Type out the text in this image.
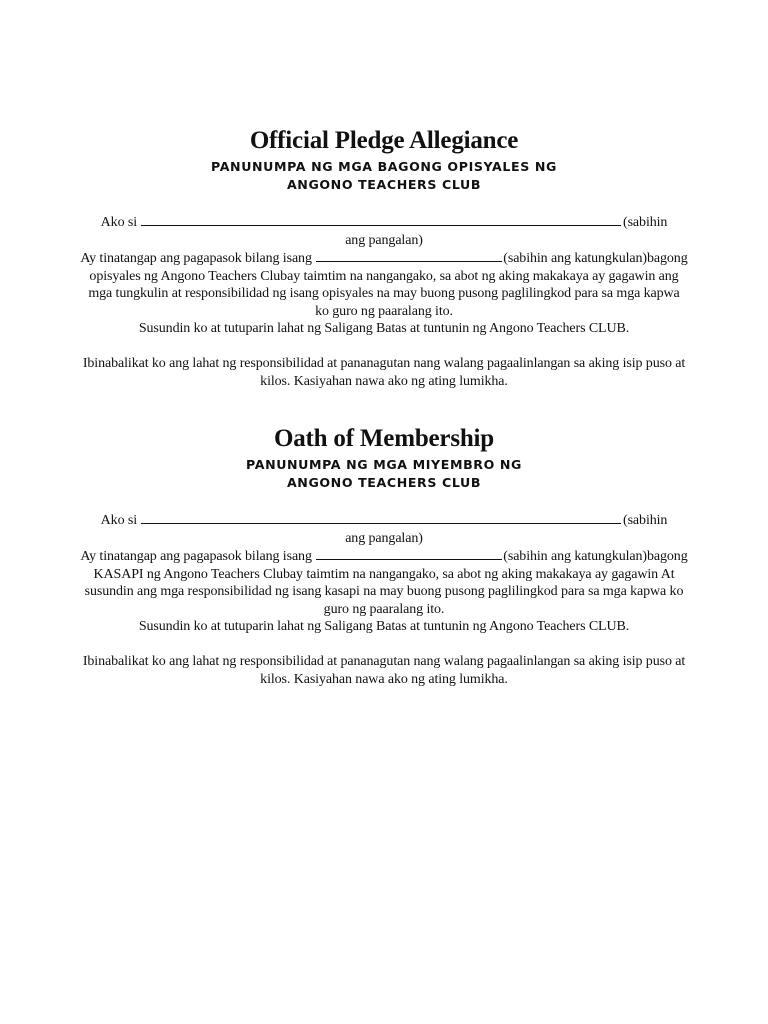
Official Pledge Allegiance

PANUNUMPA NG MGA BAGONG OPISYALES NG

ANGONO TEACHERS CLUB

Ako si	(sabihin

ang pangalan)

Ay tinatangap ang pagapasok bilang isang	(sabihin ang katungkulan)bagong opisyales ng Angono Teachers Clubay taimtim na nangangako, sa abot ng aking makakaya ay gagawin ang mga tungkulin at responsibilidad ng isang opisyales na may buong pusong paglilingkod para sa mga kapwa ko guro ng paaralang ito.

Susundin ko at tutuparin lahat ng Saligang Batas at tuntunin ng Angono Teachers CLUB.

Ibinabalikat ko ang lahat ng responsibilidad at pananagutan nang walang pagaalinlangan sa aking isip puso at kilos. Kasiyahan nawa ako ng ating lumikha.

Oath of Membership

PANUNUMPA NG MGA MIYEMBRO NG

ANGONO TEACHERS CLUB

Ako si	(sabihin

ang pangalan)

Ay tinatangap ang pagapasok bilang isang	(sabihin ang katungkulan)bagong KASAPI ng Angono Teachers Clubay taimtim na nangangako, sa abot ng aking makakaya ay gagawin At susundin ang mga responsibilidad ng isang kasapi na may buong pusong paglilingkod para sa mga kapwa ko guro ng paaralang ito.

Susundin ko at tutuparin lahat ng Saligang Batas at tuntunin ng Angono Teachers CLUB.

Ibinabalikat ko ang lahat ng responsibilidad at pananagutan nang walang pagaalinlangan sa aking isip puso at kilos. Kasiyahan nawa ako ng ating lumikha.
